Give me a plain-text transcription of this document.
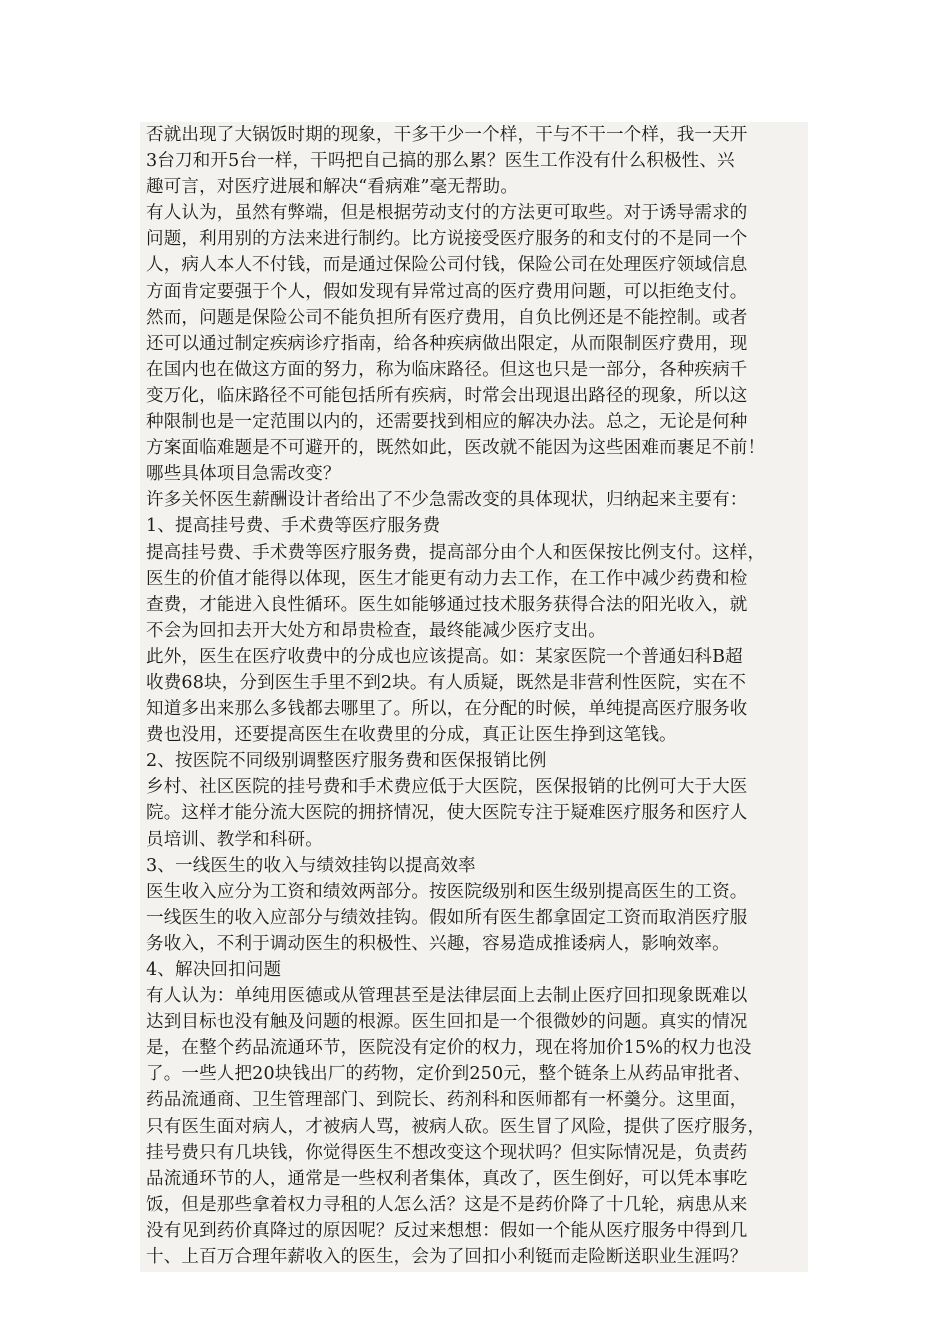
否就出现了大锅饭时期的现象，干多干少一个样，干与不干一个样，我一天开
3台刀和开5台一样，干吗把自己搞的那么累？医生工作没有什么积极性、兴
趣可言，对医疗进展和解决“看病难”毫无帮助。
有人认为，虽然有弊端，但是根据劳动支付的方法更可取些。对于诱导需求的
问题，利用别的方法来进行制约。比方说接受医疗服务的和支付的不是同一个
人，病人本人不付钱，而是通过保险公司付钱，保险公司在处理医疗领域信息
方面肯定要强于个人，假如发现有异常过高的医疗费用问题，可以拒绝支付。
然而，问题是保险公司不能负担所有医疗费用，自负比例还是不能控制。或者
还可以通过制定疾病诊疗指南，给各种疾病做出限定，从而限制医疗费用，现
在国内也在做这方面的努力，称为临床路径。但这也只是一部分，各种疾病千
变万化，临床路径不可能包括所有疾病，时常会出现退出路径的现象，所以这
种限制也是一定范围以内的，还需要找到相应的解决办法。总之，无论是何种
方案面临难题是不可避开的，既然如此，医改就不能因为这些困难而裹足不前！
哪些具体项目急需改变？
许多关怀医生薪酬设计者给出了不少急需改变的具体现状，归纳起来主要有：
1、提高挂号费、手术费等医疗服务费
提高挂号费、手术费等医疗服务费，提高部分由个人和医保按比例支付。这样，
医生的价值才能得以体现，医生才能更有动力去工作，在工作中减少药费和检
查费，才能进入良性循环。医生如能够通过技术服务获得合法的阳光收入，就
不会为回扣去开大处方和昂贵检查，最终能减少医疗支出。
此外，医生在医疗收费中的分成也应该提高。如：某家医院一个普通妇科B超
收费68块，分到医生手里不到2块。有人质疑，既然是非营利性医院，实在不
知道多出来那么多钱都去哪里了。所以，在分配的时候，单纯提高医疗服务收
费也没用，还要提高医生在收费里的分成，真正让医生挣到这笔钱。
2、按医院不同级别调整医疗服务费和医保报销比例
乡村、社区医院的挂号费和手术费应低于大医院，医保报销的比例可大于大医
院。这样才能分流大医院的拥挤情况，使大医院专注于疑难医疗服务和医疗人
员培训、教学和科研。
3、一线医生的收入与绩效挂钩以提高效率
医生收入应分为工资和绩效两部分。按医院级别和医生级别提高医生的工资。
一线医生的收入应部分与绩效挂钩。假如所有医生都拿固定工资而取消医疗服
务收入，不利于调动医生的积极性、兴趣，容易造成推诿病人，影响效率。
4、解决回扣问题
有人认为：单纯用医德或从管理甚至是法律层面上去制止医疗回扣现象既难以
达到目标也没有触及问题的根源。医生回扣是一个很微妙的问题。真实的情况
是，在整个药品流通环节，医院没有定价的权力，现在将加价15%的权力也没
了。一些人把20块钱出厂的药物，定价到250元，整个链条上从药品审批者、
药品流通商、卫生管理部门、到院长、药剂科和医师都有一杯羹分。这里面，
只有医生面对病人，才被病人骂，被病人砍。医生冒了风险，提供了医疗服务，
挂号费只有几块钱，你觉得医生不想改变这个现状吗？但实际情况是，负责药
品流通环节的人，通常是一些权利者集体，真改了，医生倒好，可以凭本事吃
饭，但是那些拿着权力寻租的人怎么活？这是不是药价降了十几轮，病患从来
没有见到药价真降过的原因呢？反过来想想：假如一个能从医疗服务中得到几
十、上百万合理年薪收入的医生，会为了回扣小利铤而走险断送职业生涯吗？
